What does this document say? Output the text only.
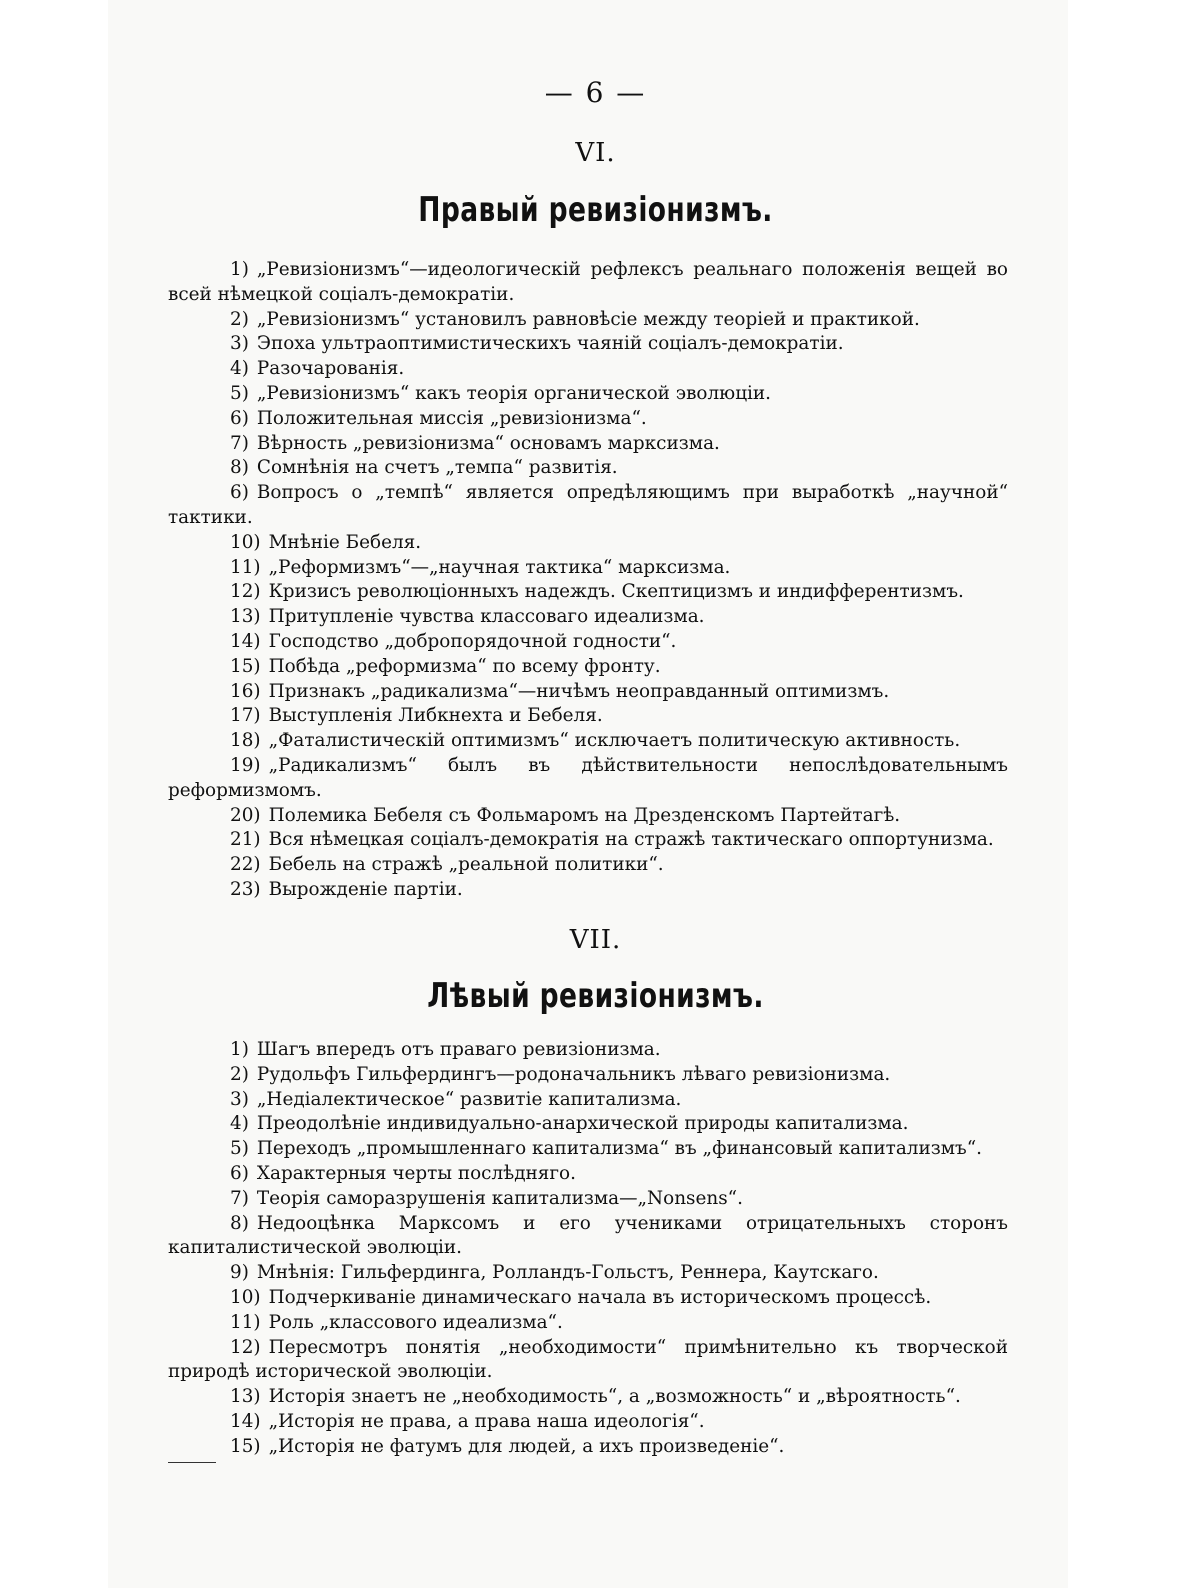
— 6 —
VI.
Правый ревизіонизмъ.
1) „Ревизіонизмъ“—идеологическій рефлексъ реальнаго положенія вещей во всей нѣмецкой соціалъ-демократіи.
2) „Ревизіонизмъ“ установилъ равновѣсіе между теоріей и практикой.
3) Эпоха ультраоптимистическихъ чаяній соціалъ-демократіи.
4) Разочарованія.
5) „Ревизіонизмъ“ какъ теорія органической эволюціи.
6) Положительная миссія „ревизіонизма“.
7) Вѣрность „ревизіонизма“ основамъ марксизма.
8) Сомнѣнія на счетъ „темпа“ развитія.
6) Вопросъ о „темпѣ“ является опредѣляющимъ при выработкѣ „научной“ тактики.
10) Мнѣніе Бебеля.
11) „Реформизмъ“—„научная тактика“ марксизма.
12) Кризисъ революціонныхъ надеждъ. Скептицизмъ и индифферентизмъ.
13) Притупленіе чувства классоваго идеализма.
14) Господство „добропорядочной годности“.
15) Побѣда „реформизма“ по всему фронту.
16) Признакъ „радикализма“—ничѣмъ неоправданный оптимизмъ.
17) Выступленія Либкнехта и Бебеля.
18) „Фаталистическій оптимизмъ“ исключаетъ политическую активность.
19) „Радикализмъ“ былъ въ дѣйствительности непослѣдовательнымъ реформизмомъ.
20) Полемика Бебеля съ Фольмаромъ на Дрезденскомъ Партейтагѣ.
21) Вся нѣмецкая соціалъ-демократія на стражѣ тактическаго оппортунизма.
22) Бебель на стражѣ „реальной политики“.
23) Вырожденіе партіи.
VII.
Лѣвый ревизіонизмъ.
1) Шагъ впередъ отъ праваго ревизіонизма.
2) Рудольфъ Гильфердингъ—родоначальникъ лѣваго ревизіонизма.
3) „Недіалектическое“ развитіе капитализма.
4) Преодолѣніе индивидуально-анархической природы капитализма.
5) Переходъ „промышленнаго капитализма“ въ „финансовый капитализмъ“.
6) Характерныя черты послѣдняго.
7) Теорія саморазрушенія капитализма—„Nonsens“.
8) Недооцѣнка Марксомъ и его учениками отрицательныхъ сторонъ капиталистической эволюціи.
9) Мнѣнія: Гильфердинга, Ролландъ-Гольстъ, Реннера, Каутскаго.
10) Подчеркиваніе динамическаго начала въ историческомъ процессѣ.
11) Роль „классового идеализма“.
12) Пересмотръ понятія „необходимости“ примѣнительно къ творческой природѣ исторической эволюціи.
13) Исторія знаетъ не „необходимость“, а „возможность“ и „вѣроятность“.
14) „Исторія не права, а права наша идеологія“.
15) „Исторія не фатумъ для людей, а ихъ произведеніе“.
